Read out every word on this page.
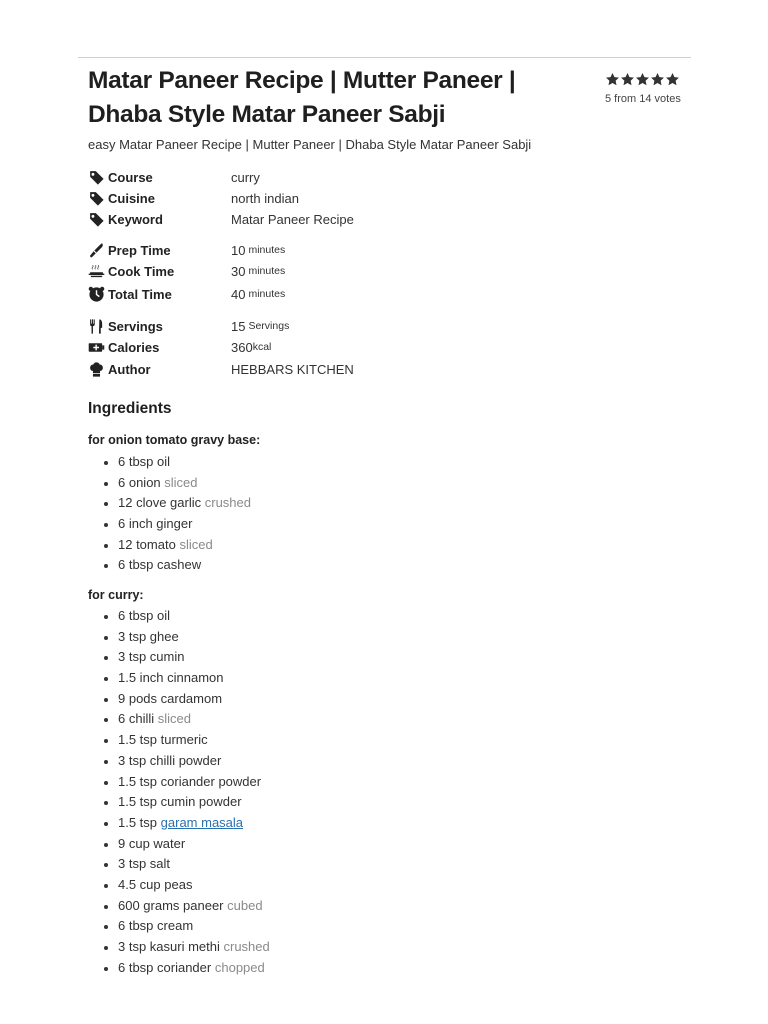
Matar Paneer Recipe | Mutter Paneer | Dhaba Style Matar Paneer Sabji
5 from 14 votes
easy Matar Paneer Recipe | Mutter Paneer | Dhaba Style Matar Paneer Sabji
Course	curry
Cuisine	north indian
Keyword	Matar Paneer Recipe
Prep Time	10 minutes
Cook Time	30 minutes
Total Time	40 minutes
Servings	15 Servings
Calories	360 kcal
Author	HEBBARS KITCHEN
Ingredients
for onion tomato gravy base:
6 tbsp oil
6 onion sliced
12 clove garlic crushed
6 inch ginger
12 tomato sliced
6 tbsp cashew
for curry:
6 tbsp oil
3 tsp ghee
3 tsp cumin
1.5 inch cinnamon
9 pods cardamom
6 chilli sliced
1.5 tsp turmeric
3 tsp chilli powder
1.5 tsp coriander powder
1.5 tsp cumin powder
1.5 tsp garam masala
9 cup water
3 tsp salt
4.5 cup peas
600 grams paneer cubed
6 tbsp cream
3 tsp kasuri methi crushed
6 tbsp coriander chopped
